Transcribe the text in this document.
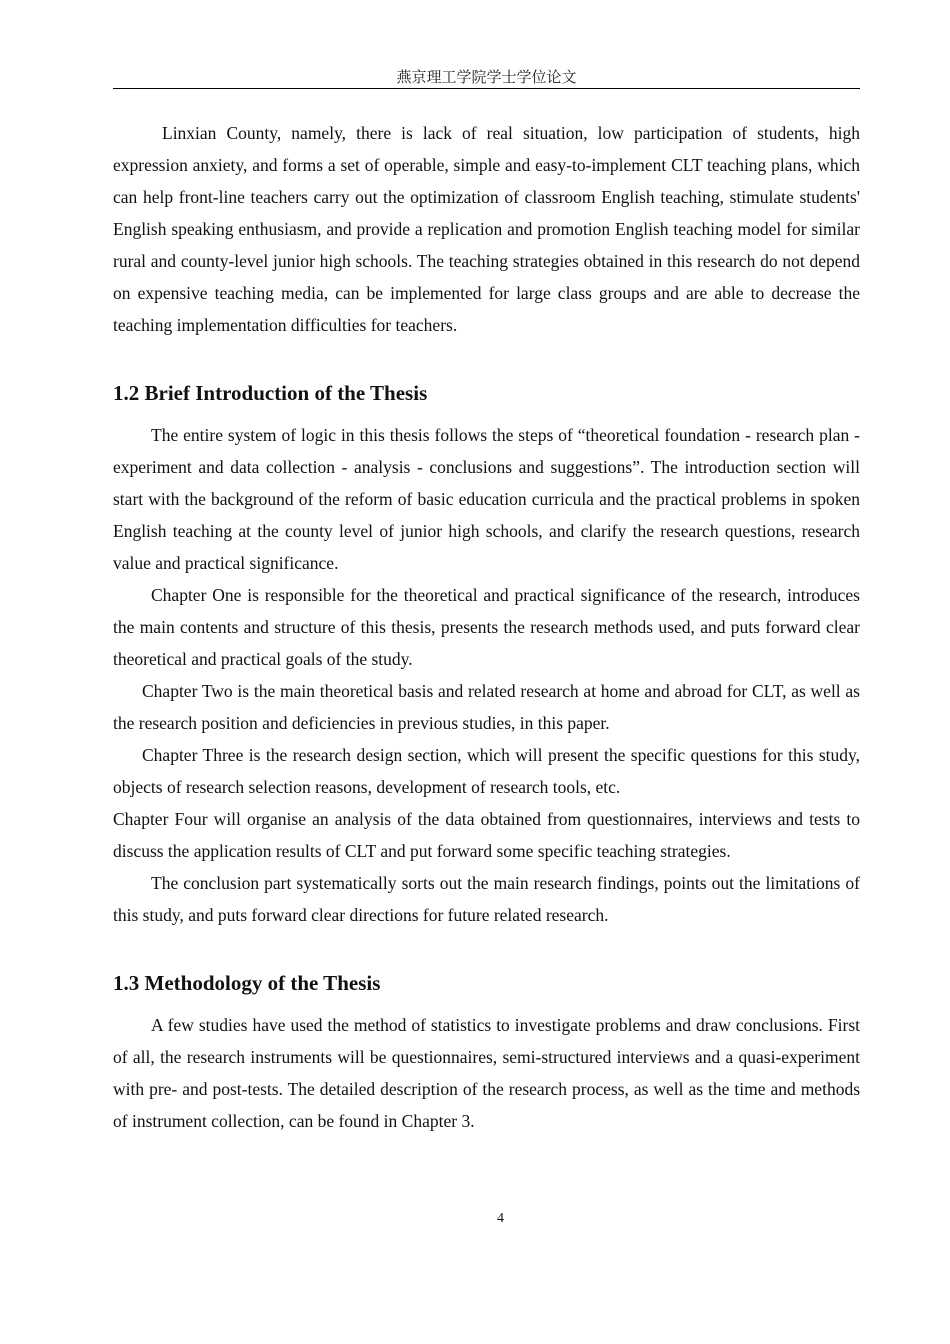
燕京理工学院学士学位论文

Linxian County, namely, there is lack of real situation, low participation of students, high expression anxiety, and forms a set of operable, simple and easy-to-implement CLT teaching plans, which can help front-line teachers carry out the optimization of classroom English teaching, stimulate students' English speaking enthusiasm, and provide a replication and promotion English teaching model for similar rural and county-level junior high schools. The teaching strategies obtained in this research do not depend on expensive teaching media, can be implemented for large class groups and are able to decrease the teaching implementation difficulties for teachers.

1.2 Brief Introduction of the Thesis

The entire system of logic in this thesis follows the steps of “theoretical foundation - research plan - experiment and data collection - analysis - conclusions and suggestions”. The introduction section will start with the background of the reform of basic education curricula and the practical problems in spoken English teaching at the county level of junior high schools, and clarify the research questions, research value and practical significance.

Chapter One is responsible for the theoretical and practical significance of the research, introduces the main contents and structure of this thesis, presents the research methods used, and puts forward clear theoretical and practical goals of the study.

Chapter Two is the main theoretical basis and related research at home and abroad for CLT, as well as the research position and deficiencies in previous studies, in this paper.

Chapter Three is the research design section, which will present the specific questions for this study, objects of research selection reasons, development of research tools, etc.

Chapter Four will organise an analysis of the data obtained from questionnaires, interviews and tests to discuss the application results of CLT and put forward some specific teaching strategies.

The conclusion part systematically sorts out the main research findings, points out the limitations of this study, and puts forward clear directions for future related research.

1.3 Methodology of the Thesis

A few studies have used the method of statistics to investigate problems and draw conclusions. First of all, the research instruments will be questionnaires, semi-structured interviews and a quasi-experiment with pre- and post-tests. The detailed description of the research process, as well as the time and methods of instrument collection, can be found in Chapter 3.

4
